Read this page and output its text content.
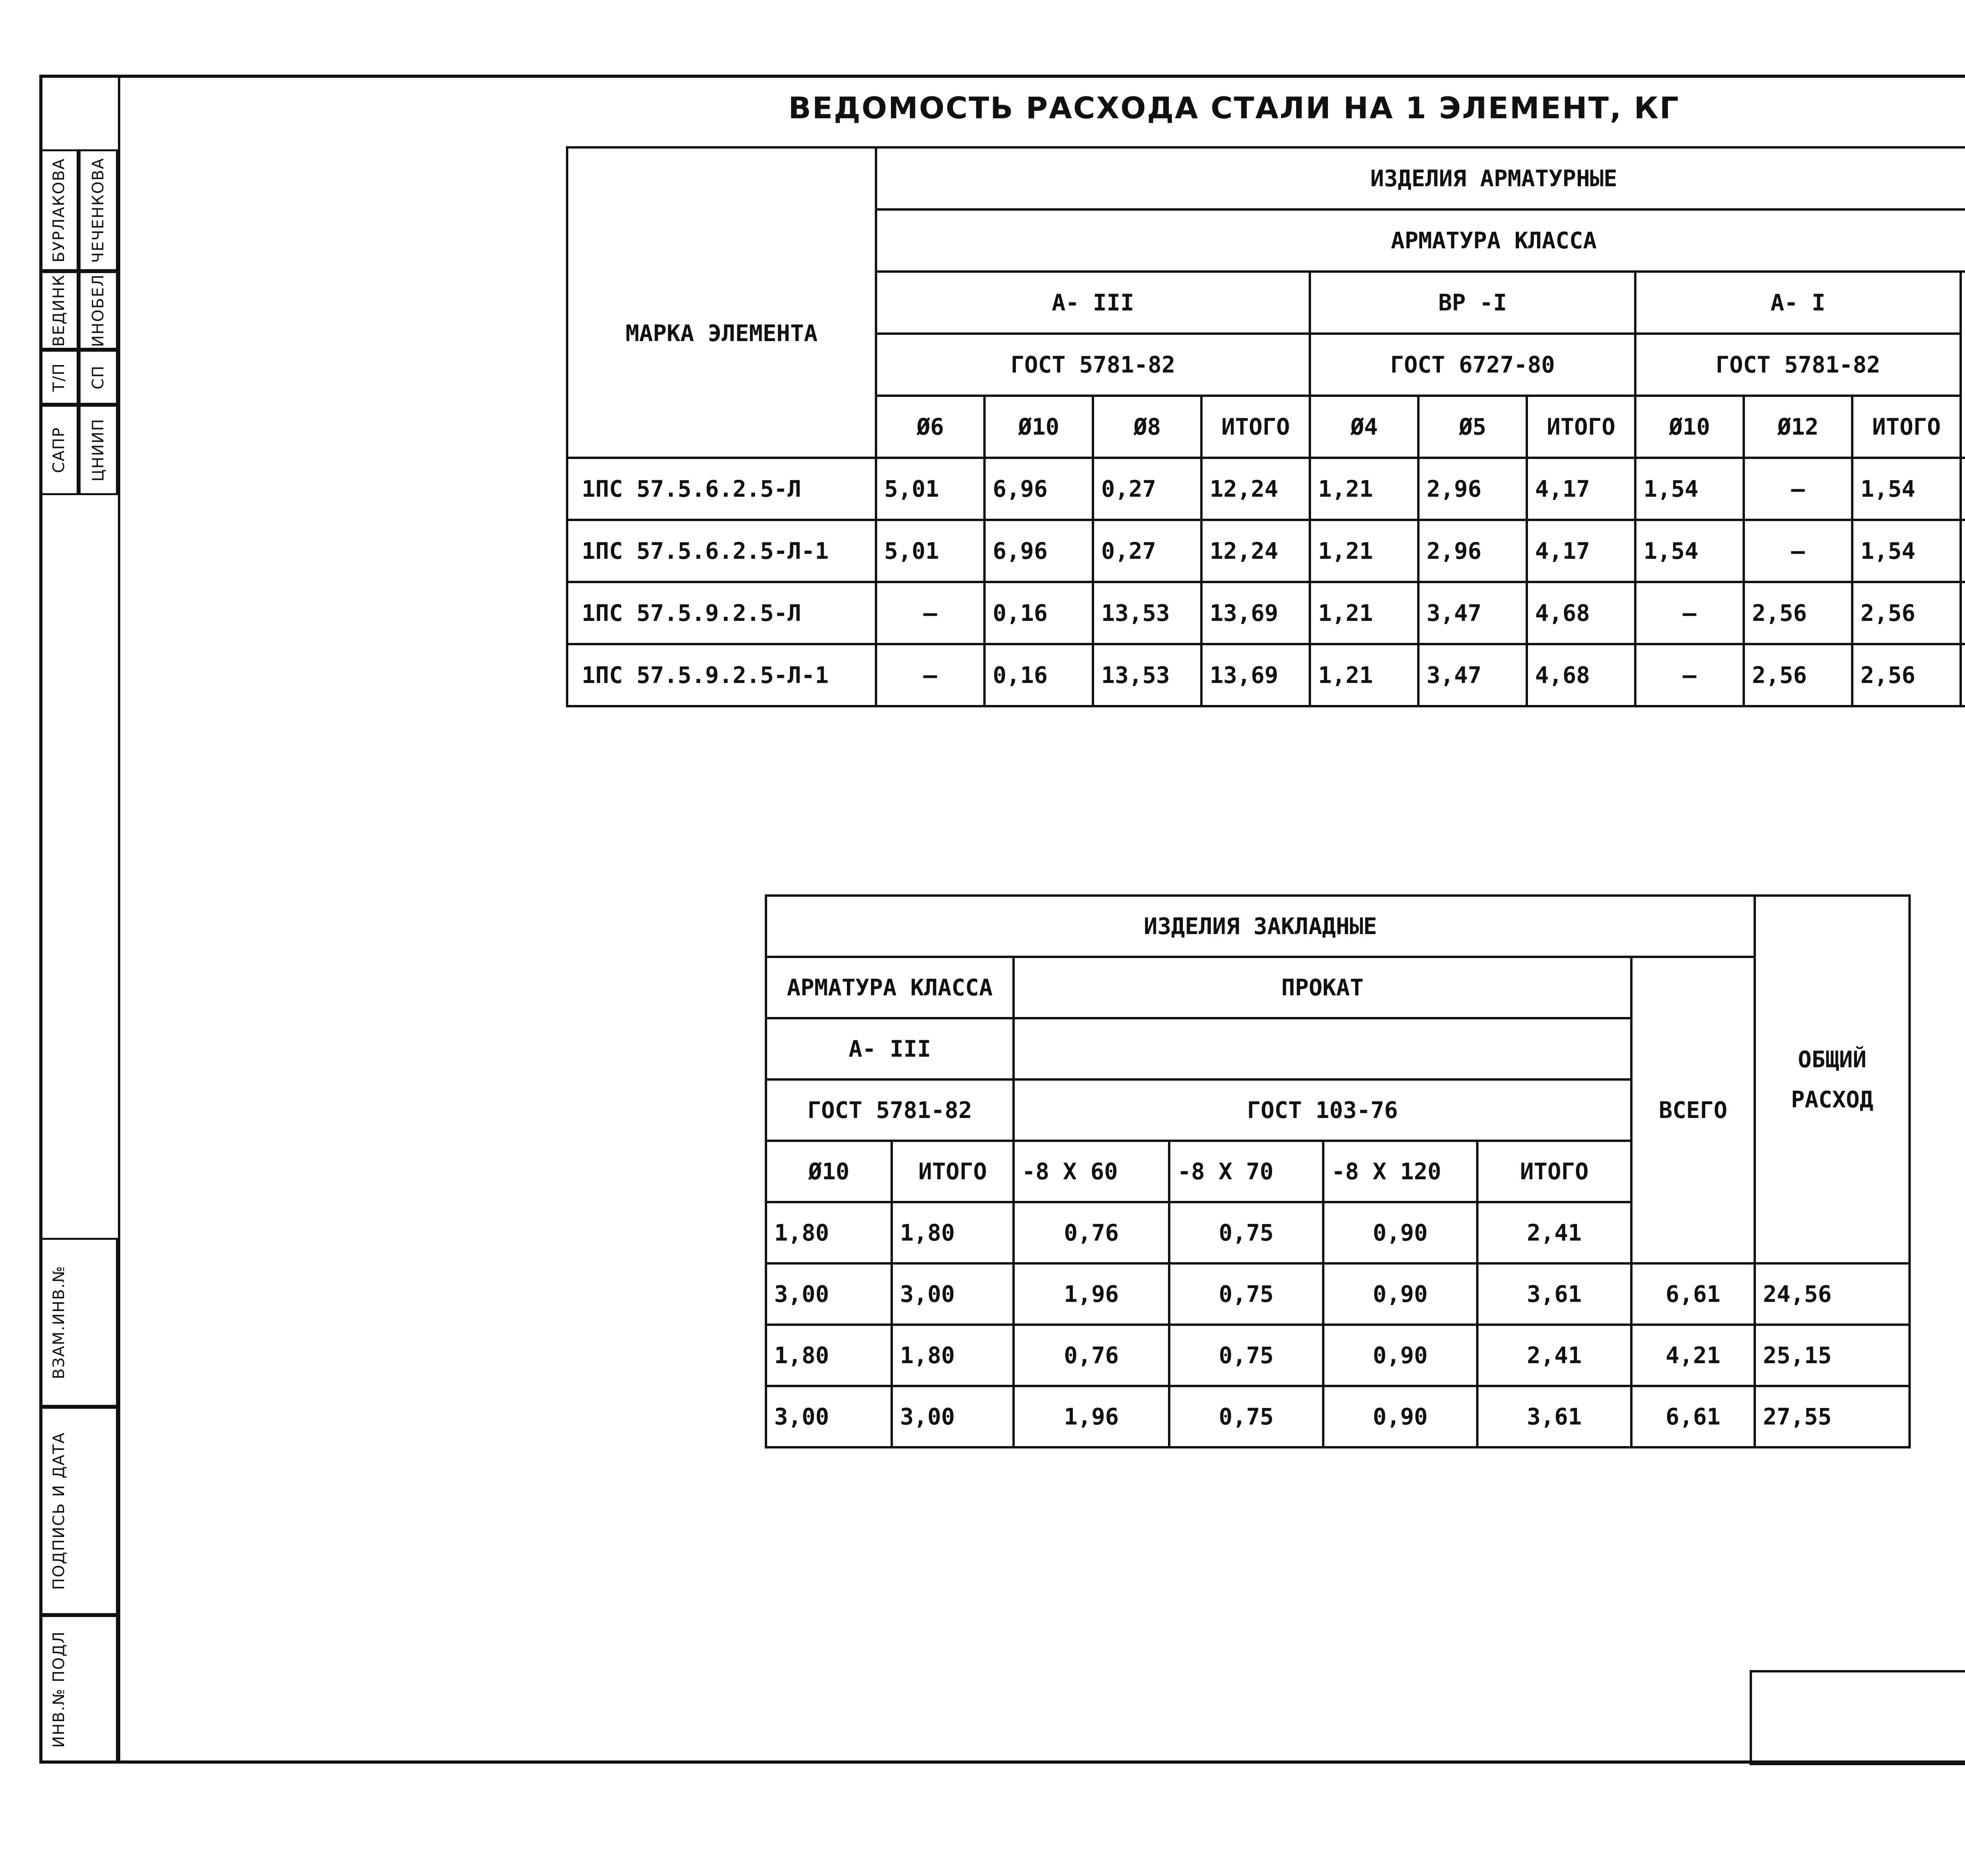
САПР
Т/П
ВЕДИНК
БУРЛАКОВА
ЦНИИП
СП
ИНОБЕЛ
ЧЕЧЕНКОВА
ВЗАМ.ИНВ.№
ПОДПИСЬ И ДАТА
ИНВ.№ ПОДЛ
ВЕДОМОСТЬ РАСХОДА СТАЛИ НА 1 ЭЛЕМЕНТ, КГ
	ИЗДЕЛИЯ АРМАТУРНЫЕ										
МАРКА ЭЛЕМЕНТА	АРМАТУРА КЛАССА										
	А- III				ВР -I			А- I	
	ГОСТ 5781-82				ГОСТ 6727-80			ГОСТ 5781-82			
	Ø6	Ø10	Ø8	ИТОГО	Ø4	Ø5	ИТОГО	Ø10	Ø12	ИТОГО	
1ПС 57.5.6.2.5-Л	5,01	6,96	0,27	12,24	1,21	2,96	4,17	1,54	—	1,54	
1ПС 57.5.6.2.5-Л-1	5,01	6,96	0,27	12,24	1,21	2,96	4,17	1,54	—	1,54	
1ПС 57.5.9.2.5-Л	—	0,16	13,53	13,69	1,21	3,47	4,68	—	2,56	2,56	
1ПС 57.5.9.2.5-Л-1	—	0,16	13,53	13,69	1,21	3,47	4,68	—	2,56	2,56	
ИЗДЕЛИЯ ЗАКЛАДНЫЕ							ОБЩИЙ
РАСХОД	

АРМАТУРА КЛАССА		ПРОКАТ				ВСЕГО		
А- III								
ГОСТ 5781-82		ГОСТ 103-76						
Ø10	ИТОГО	-8 Х 60	-8 Х 70	-8 Х 120	ИТОГО			
1,80	1,80	0,76	0,75	0,90	2,41		
3,00	3,00	1,96	0,75	0,90	3,61	6,61	24,56	
1,80	1,80	0,76	0,75	0,90	2,41	4,21	25,15	
3,00	3,00	1,96	0,75	0,90	3,61	6,61	27,55	
